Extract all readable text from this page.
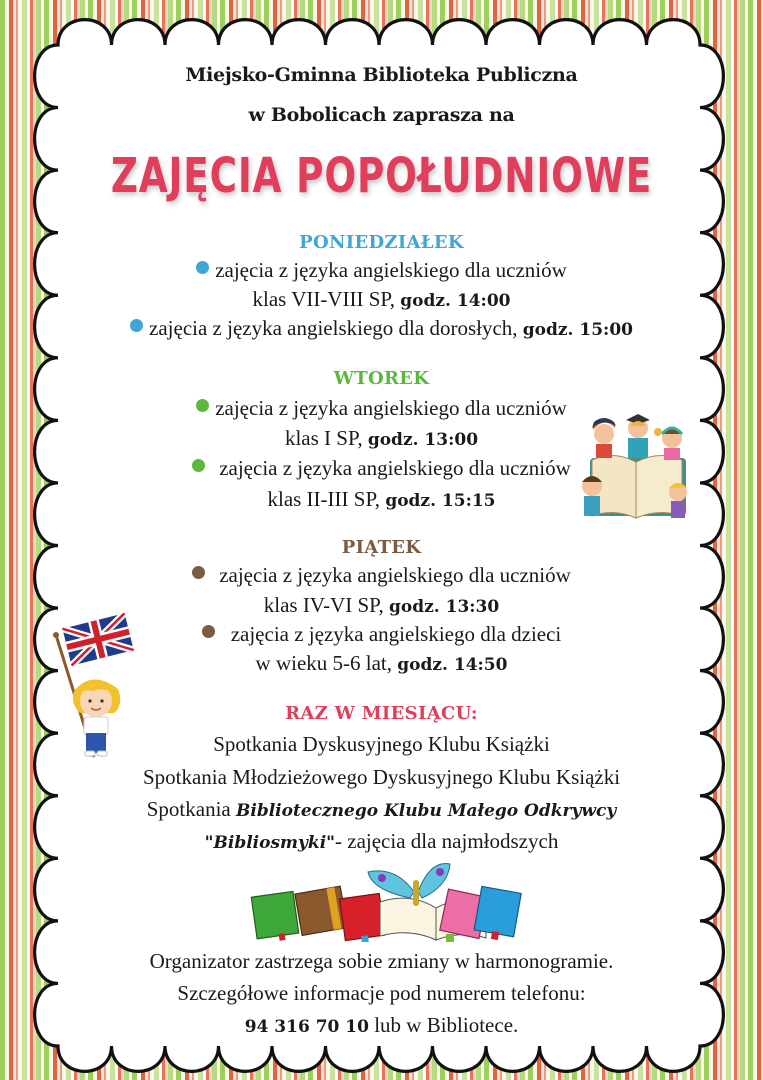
Miejsko-Gminna Biblioteka Publiczna
w Bobolicach zaprasza na
ZAJĘCIA POPOŁUDNIOWE
PONIEDZIAŁEK
zajęcia z języka angielskiego dla uczniów
klas VII-VIII SP, godz. 14:00
zajęcia z języka angielskiego dla dorosłych, godz. 15:00
WTOREK
zajęcia z języka angielskiego dla uczniów
klas I SP, godz. 13:00
zajęcia z języka angielskiego dla uczniów
klas II-III SP, godz. 15:15
PIĄTEK
zajęcia z języka angielskiego dla uczniów
klas IV-VI SP, godz. 13:30
zajęcia z języka angielskiego dla dzieci
w wieku 5-6 lat, godz. 14:50
RAZ W MIESIĄCU:
Spotkania Dyskusyjnego Klubu Książki
Spotkania Młodzieżowego Dyskusyjnego Klubu Książki
Spotkania Bibliotecznego Klubu Małego Odkrywcy
"Bibliosmyki"- zajęcia dla najmłodszych
Organizator zastrzega sobie zmiany w harmonogramie.
Szczegółowe informacje pod numerem telefonu:
94 316 70 10 lub w Bibliotece.
